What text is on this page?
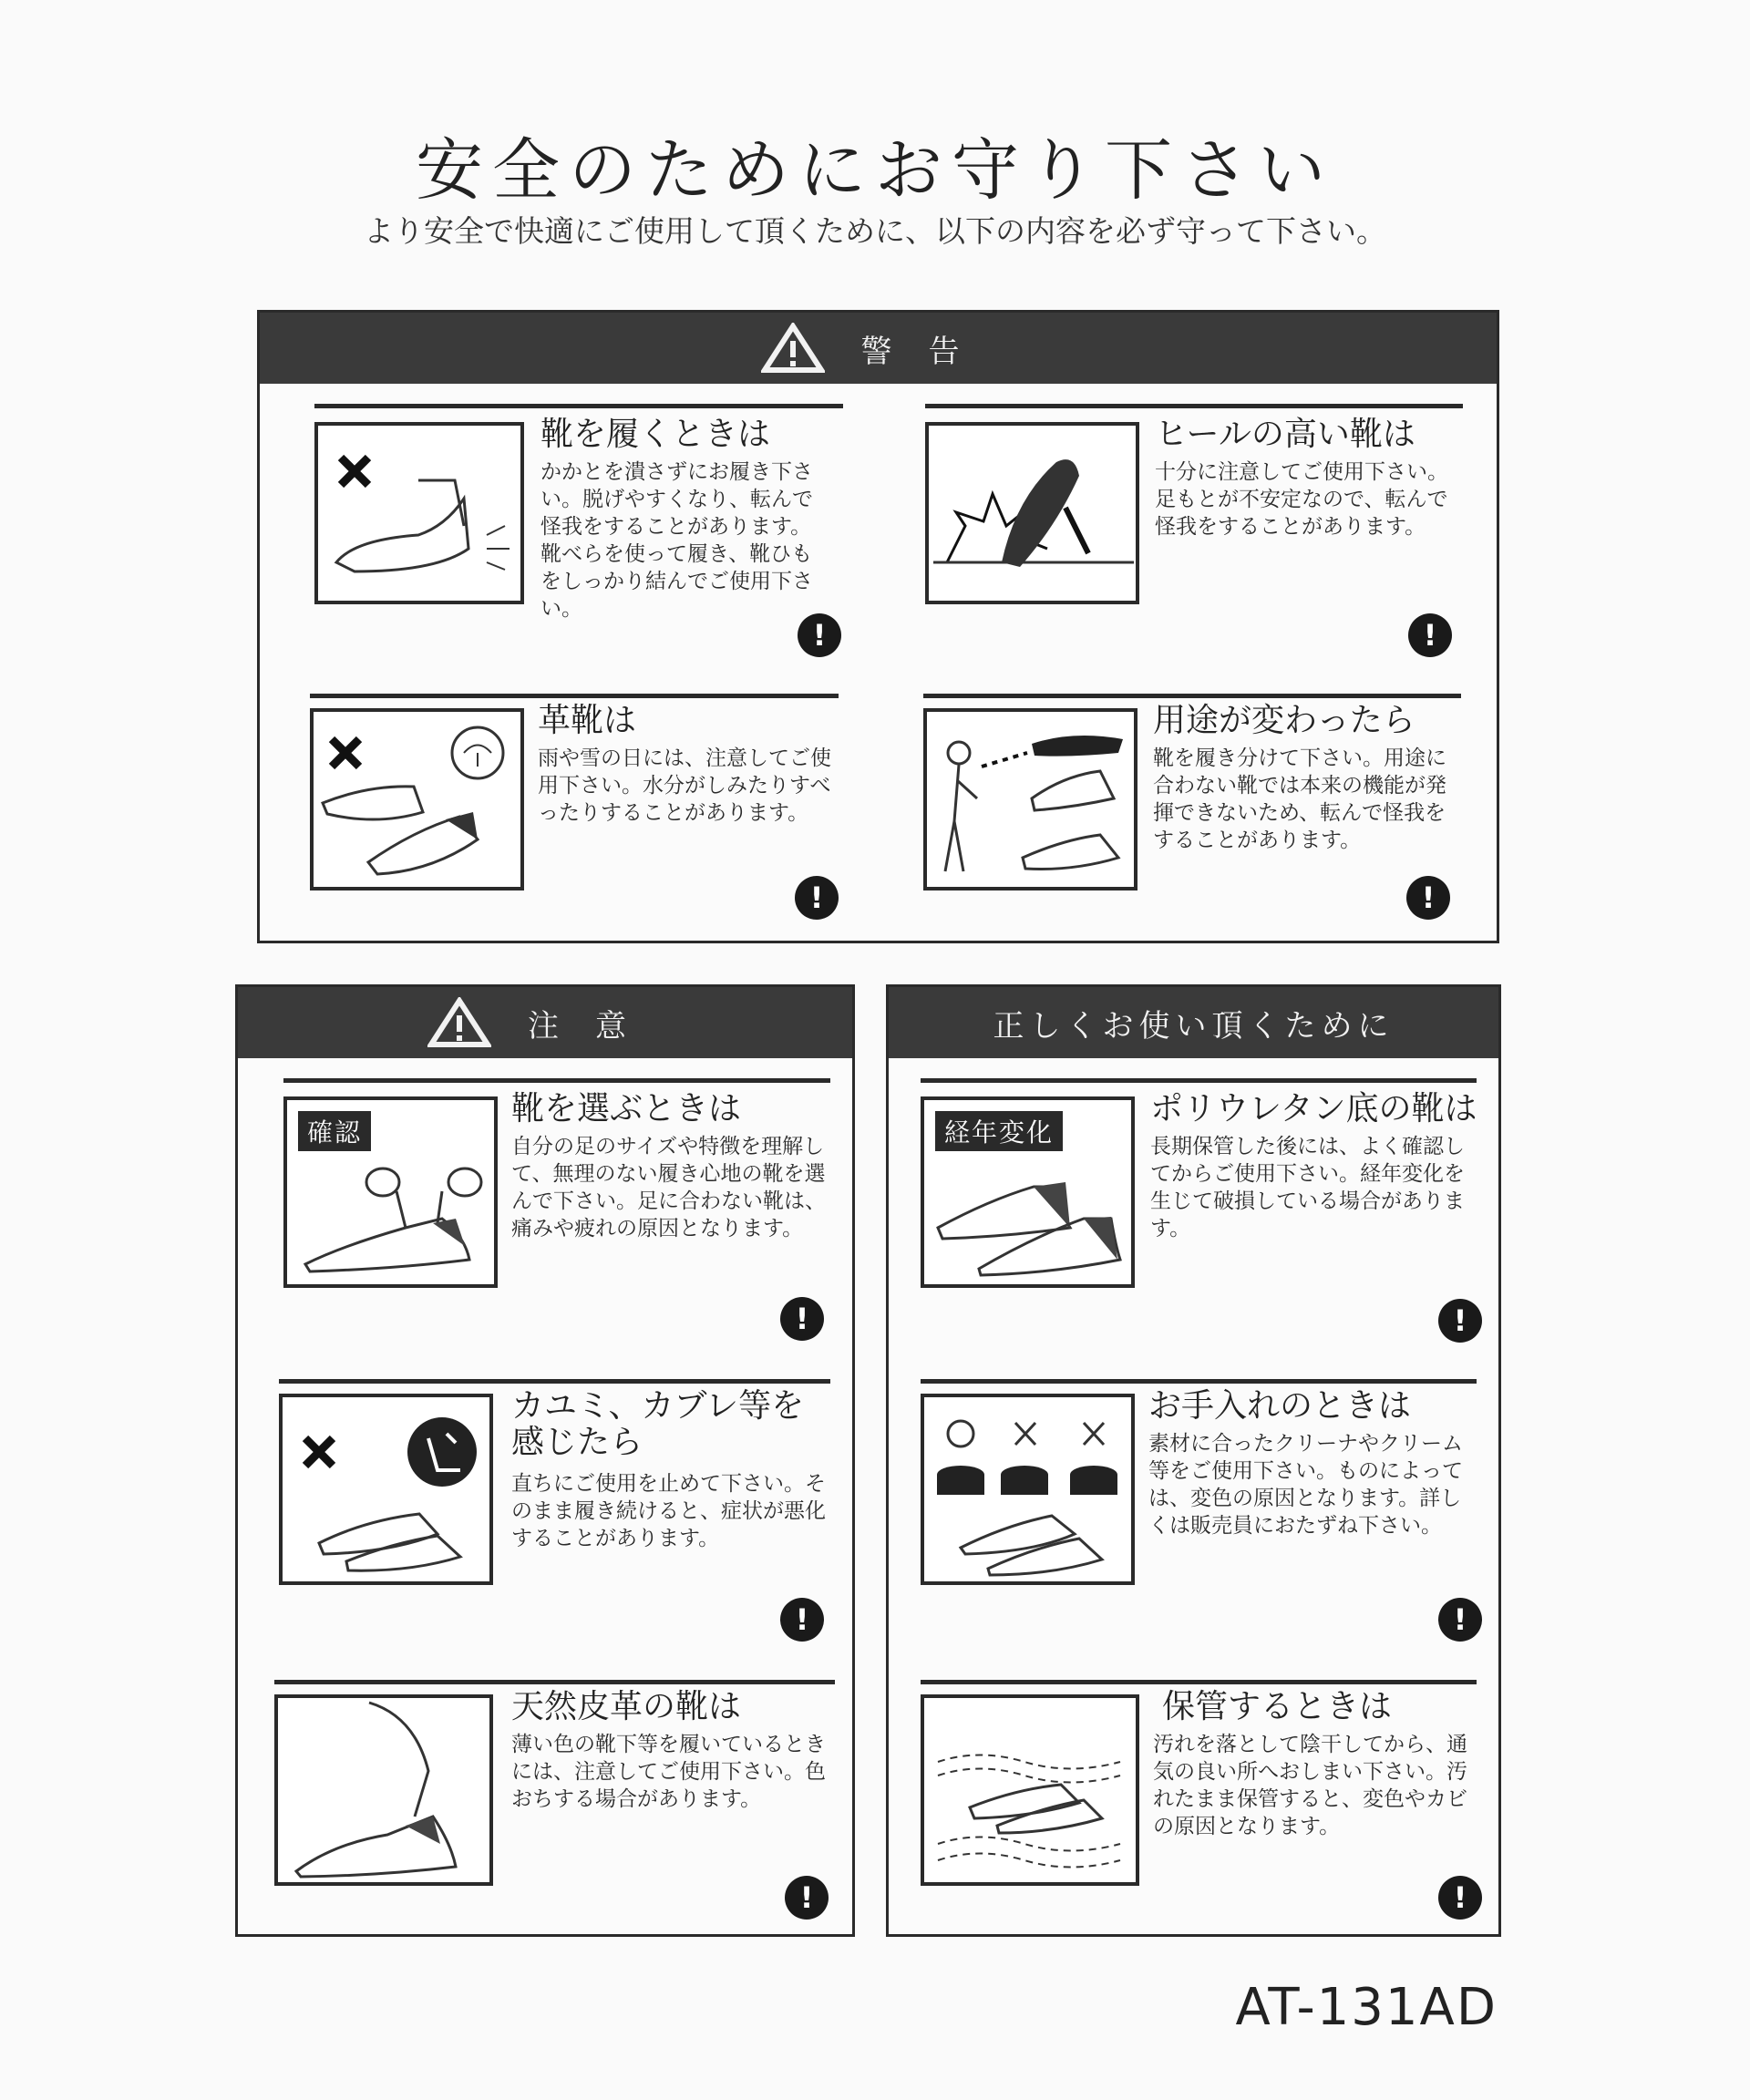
安全のためにお守り下さい
より安全で快適にご使用して頂くために、以下の内容を必ず守って下さい。
警告
靴を履くときは
かかとを潰さずにお履き下さい。脱げやすくなり、転んで怪我をすることがあります。靴べらを使って履き、靴ひもをしっかり結んでご使用下さい。
!
ヒールの高い靴は
十分に注意してご使用下さい。足もとが不安定なので、転んで怪我をすることがあります。
!
革靴は
雨や雪の日には、注意してご使用下さい。水分がしみたりすべったりすることがあります。
!
用途が変わったら
靴を履き分けて下さい。用途に合わない靴では本来の機能が発揮できないため、転んで怪我をすることがあります。
!
注意
確認
靴を選ぶときは
自分の足のサイズや特徴を理解して、無理のない履き心地の靴を選んで下さい。足に合わない靴は、痛みや疲れの原因となります。
!
カユミ、カブレ等を感じたら
直ちにご使用を止めて下さい。そのまま履き続けると、症状が悪化することがあります。
!
天然皮革の靴は
薄い色の靴下等を履いているときには、注意してご使用下さい。色おちする場合があります。
!
正しくお使い頂くために
経年変化
ポリウレタン底の靴は
長期保管した後には、よく確認してからご使用下さい。経年変化を生じて破損している場合があります。
!
お手入れのときは
素材に合ったクリーナやクリーム等をご使用下さい。ものによっては、変色の原因となります。詳しくは販売員におたずね下さい。
!
保管するときは
汚れを落として陰干してから、通気の良い所へおしまい下さい。汚れたまま保管すると、変色やカビの原因となります。
!
AT-131AD
